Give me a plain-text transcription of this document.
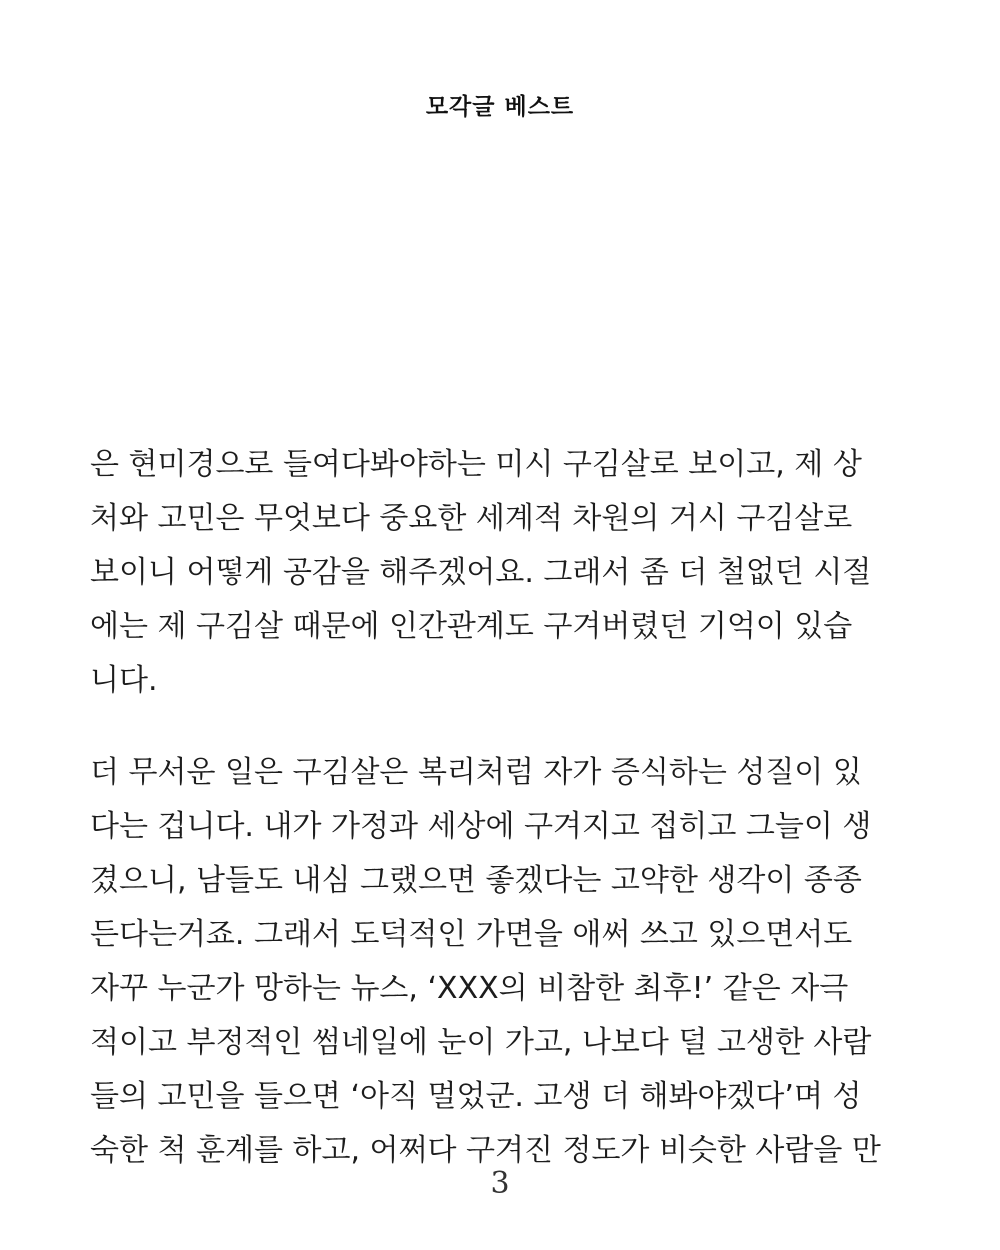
모각글 베스트
은 현미경으로 들여다봐야하는 미시 구김살로 보이고, 제 상
처와 고민은 무엇보다 중요한 세계적 차원의 거시 구김살로
보이니 어떻게 공감을 해주겠어요. 그래서 좀 더 철없던 시절
에는 제 구김살 때문에 인간관계도 구겨버렸던 기억이 있습
니다.
더 무서운 일은 구김살은 복리처럼 자가 증식하는 성질이 있
다는 겁니다. 내가 가정과 세상에 구겨지고 접히고 그늘이 생
겼으니, 남들도 내심 그랬으면 좋겠다는 고약한 생각이 종종
든다는거죠. 그래서 도덕적인 가면을 애써 쓰고 있으면서도
자꾸 누군가 망하는 뉴스, ‘XXX의 비참한 최후!’ 같은 자극
적이고 부정적인 썸네일에 눈이 가고, 나보다 덜 고생한 사람
들의 고민을 들으면 ‘아직 멀었군. 고생 더 해봐야겠다’며 성
숙한 척 훈계를 하고, 어쩌다 구겨진 정도가 비슷한 사람을 만
3
